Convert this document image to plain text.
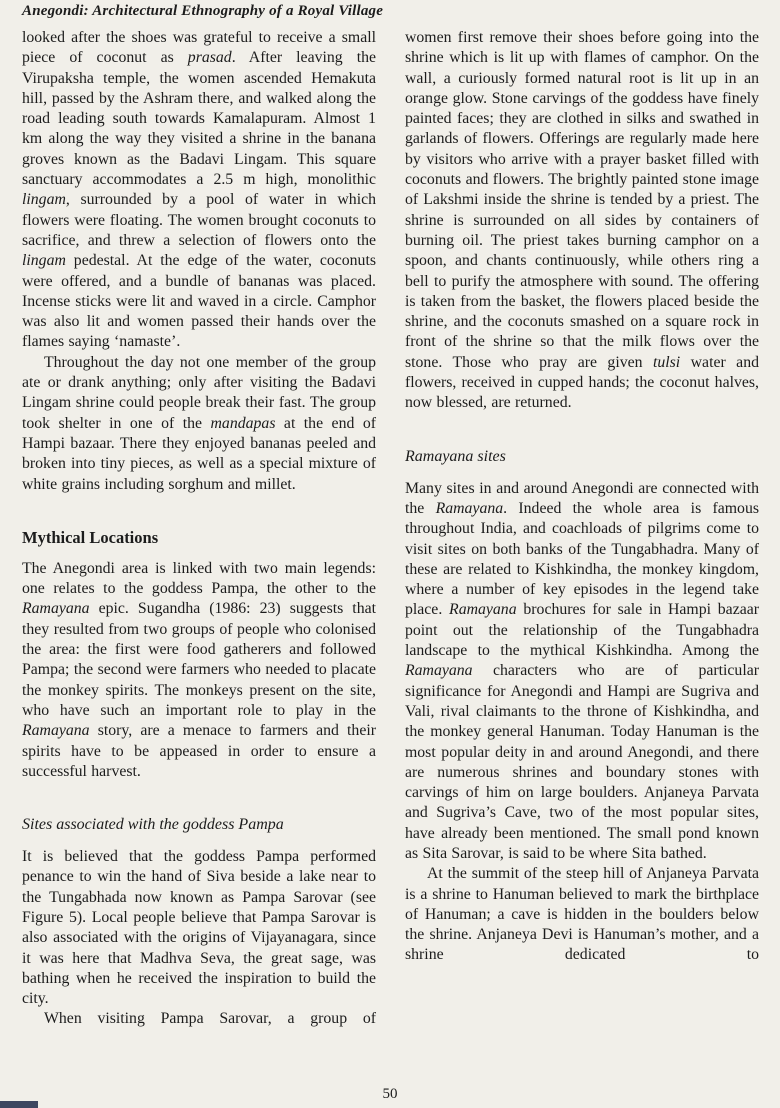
Anegondi: Architectural Ethnography of a Royal Village

looked after the shoes was grateful to receive a small piece of coconut as prasad. After leaving the Virupaksha temple, the women ascended Hemakuta hill, passed by the Ashram there, and walked along the road leading south towards Kamalapuram. Almost 1 km along the way they visited a shrine in the banana groves known as the Badavi Lingam. This square sanctuary accommodates a 2.5 m high, monolithic lingam, surrounded by a pool of water in which flowers were floating. The women brought coconuts to sacrifice, and threw a selection of flowers onto the lingam pedestal. At the edge of the water, coconuts were offered, and a bundle of bananas was placed. Incense sticks were lit and waved in a circle. Camphor was also lit and women passed their hands over the flames saying ‘namaste’.

Throughout the day not one member of the group ate or drank anything; only after visiting the Badavi Lingam shrine could people break their fast. The group took shelter in one of the mandapas at the end of Hampi bazaar. There they enjoyed bananas peeled and broken into tiny pieces, as well as a special mixture of white grains including sorghum and millet.

Mythical Locations

The Anegondi area is linked with two main legends: one relates to the goddess Pampa, the other to the Ramayana epic. Sugandha (1986: 23) suggests that they resulted from two groups of people who colonised the area: the first were food gatherers and followed Pampa; the second were farmers who needed to placate the monkey spirits. The monkeys present on the site, who have such an important role to play in the Ramayana story, are a menace to farmers and their spirits have to be appeased in order to ensure a successful harvest.

Sites associated with the goddess Pampa

It is believed that the goddess Pampa performed penance to win the hand of Siva beside a lake near to the Tungabhada now known as Pampa Sarovar (see Figure 5). Local people believe that Pampa Sarovar is also associated with the origins of Vijayanagara, since it was here that Madhva Seva, the great sage, was bathing when he received the inspiration to build the city.

When visiting Pampa Sarovar, a group of

women first remove their shoes before going into the shrine which is lit up with flames of camphor. On the wall, a curiously formed natural root is lit up in an orange glow. Stone carvings of the goddess have finely painted faces; they are clothed in silks and swathed in garlands of flowers. Offerings are regularly made here by visitors who arrive with a prayer basket filled with coconuts and flowers. The brightly painted stone image of Lakshmi inside the shrine is tended by a priest. The shrine is surrounded on all sides by containers of burning oil. The priest takes burning camphor on a spoon, and chants continuously, while others ring a bell to purify the atmosphere with sound. The offering is taken from the basket, the flowers placed beside the shrine, and the coconuts smashed on a square rock in front of the shrine so that the milk flows over the stone. Those who pray are given tulsi water and flowers, received in cupped hands; the coconut halves, now blessed, are returned.

Ramayana sites

Many sites in and around Anegondi are connected with the Ramayana. Indeed the whole area is famous throughout India, and coachloads of pilgrims come to visit sites on both banks of the Tungabhadra. Many of these are related to Kishkindha, the monkey kingdom, where a number of key episodes in the legend take place. Ramayana brochures for sale in Hampi bazaar point out the relationship of the Tungabhadra landscape to the mythical Kishkindha. Among the Ramayana characters who are of particular significance for Anegondi and Hampi are Sugriva and Vali, rival claimants to the throne of Kishkindha, and the monkey general Hanuman. Today Hanuman is the most popular deity in and around Anegondi, and there are numerous shrines and boundary stones with carvings of him on large boulders. Anjaneya Parvata and Sugriva’s Cave, two of the most popular sites, have already been mentioned. The small pond known as Sita Sarovar, is said to be where Sita bathed.

At the summit of the steep hill of Anjaneya Parvata is a shrine to Hanuman believed to mark the birthplace of Hanuman; a cave is hidden in the boulders below the shrine. Anjaneya Devi is Hanuman’s mother, and a shrine dedicated to

50
